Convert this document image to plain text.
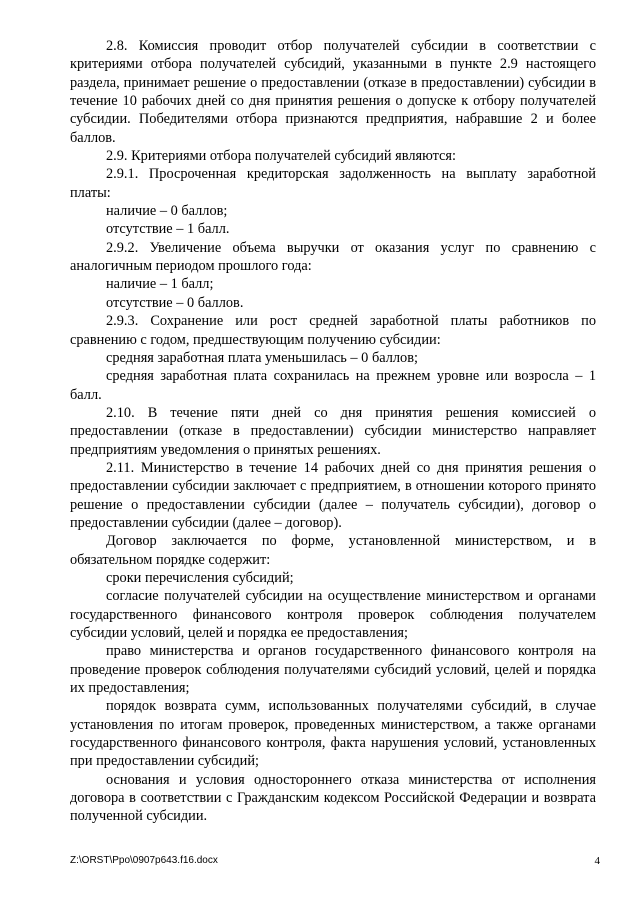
2.8. Комиссия проводит отбор получателей субсидии в соответствии с критериями отбора получателей субсидий, указанными в пункте 2.9 настоящего раздела, принимает решение о предоставлении (отказе в предоставлении) субсидии в течение 10 рабочих дней со дня принятия решения о допуске к отбору получателей субсидии. Победителями отбора признаются предприятия, набравшие 2 и более баллов.

2.9. Критериями отбора получателей субсидий являются:

2.9.1. Просроченная кредиторская задолженность на выплату заработной платы:

наличие – 0 баллов;

отсутствие – 1 балл.

2.9.2. Увеличение объема выручки от оказания услуг по сравнению с аналогичным периодом прошлого года:

наличие – 1 балл;

отсутствие – 0 баллов.

2.9.3. Сохранение или рост средней заработной платы работников по сравнению с годом, предшествующим получению субсидии:

средняя заработная плата уменьшилась – 0 баллов;

средняя заработная плата сохранилась на прежнем уровне или возросла – 1 балл.

2.10. В течение пяти дней со дня принятия решения комиссией о предоставлении (отказе в предоставлении) субсидии министерство направляет предприятиям уведомления о принятых решениях.

2.11. Министерство в течение 14 рабочих дней со дня принятия решения о предоставлении субсидии заключает с предприятием, в отношении которого принято решение о предоставлении субсидии (далее – получатель субсидии), договор о предоставлении субсидии (далее – договор).

Договор заключается по форме, установленной министерством, и в обязательном порядке содержит:

сроки перечисления субсидий;

согласие получателей субсидии на осуществление министерством и органами государственного финансового контроля проверок соблюдения получателем субсидии условий, целей и порядка ее предоставления;

право министерства и органов государственного финансового контроля на проведение проверок соблюдения получателями субсидий условий, целей и порядка их предоставления;

порядок возврата сумм, использованных получателями субсидий, в случае установления по итогам проверок, проведенных министерством, а также органами государственного финансового контроля, факта нарушения условий, установленных при предоставлении субсидий;

основания и условия одностороннего отказа министерства от исполнения договора в соответствии с Гражданским кодексом Российской Федерации и возврата полученной субсидии.

Z:\ORST\Ppo\0907p643.f16.docx	4
